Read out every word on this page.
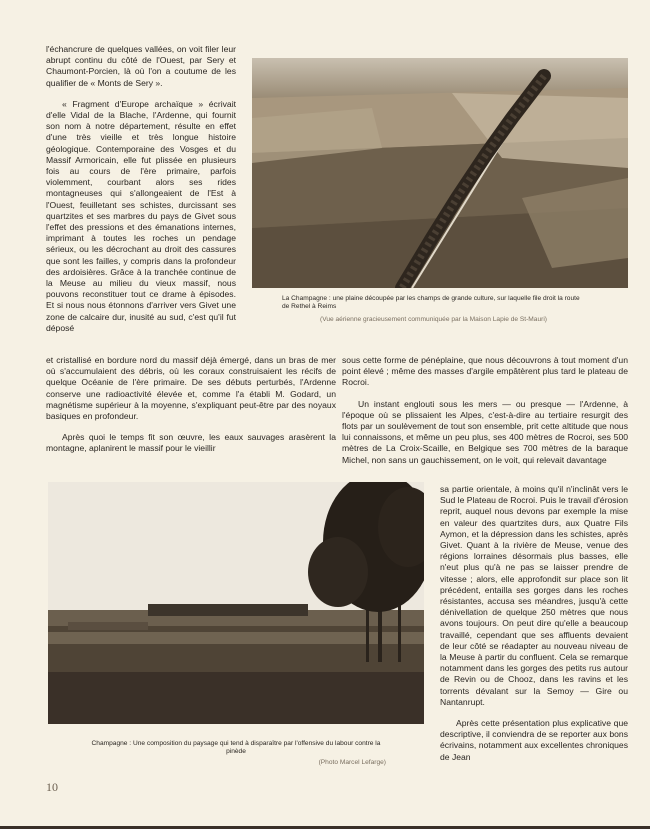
l'échancrure de quelques vallées, on voit filer leur abrupt continu du côté de l'Ouest, par Sery et Chaumont-Porcien, là où l'on a coutume de les qualifier de « Monts de Sery ».

« Fragment d'Europe archaïque » écrivait d'elle Vidal de la Blache, l'Ardenne, qui fournit son nom à notre département, résulte en effet d'une très vieille et très longue histoire géologique. Contemporaine des Vosges et du Massif Armoricain, elle fut plissée en plusieurs fois au cours de l'ère primaire, parfois violemment, courbant alors ses rides montagneuses qui s'allongeaient de l'Est à l'Ouest, feuilletant ses schistes, durcissant ses quartzites et ses marbres du pays de Givet sous l'effet des pressions et des émanations internes, imprimant à toutes les roches un pendage sérieux, ou les décrochant au droit des cassures que sont les failles, y compris dans la profondeur des ardoisières. Grâce à la tranchée continue de la Meuse au milieu du vieux massif, nous pouvons reconstituer tout ce drame à épisodes. Et si nous nous étonnons d'arriver vers Givet une zone de calcaire dur, inusité au sud, c'est qu'il fut déposé

La Champagne : une plaine découpée par les champs de grande culture, sur laquelle file droit la route de Rethel à Reims
(Vue aérienne gracieusement communiquée par la Maison Lapie de St-Mauri)

et cristallisé en bordure nord du massif déjà émergé, dans un bras de mer où s'accumulaient des débris, où les coraux construisaient les récifs de quelque Océanie de l'ère primaire. De ses débuts perturbés, l'Ardenne conserve une radioactivité élevée et, comme l'a établi M. Godard, un magnétisme supérieur à la moyenne, s'expliquant peut-être par des noyaux basiques en profondeur.

Après quoi le temps fit son œuvre, les eaux sauvages arasèrent la montagne, aplanirent le massif pour le vieillir

sous cette forme de pénéplaine, que nous découvrons à tout moment d'un point élevé ; même des masses d'argile empâtèrent plus tard le plateau de Rocroi.

Un instant englouti sous les mers — ou presque — l'Ardenne, à l'époque où se plissaient les Alpes, c'est-à-dire au tertiaire resurgit des flots par un soulèvement de tout son ensemble, prit cette altitude que nous lui connaissons, et même un peu plus, ses 400 mètres de Rocroi, ses 500 mètres de La Croix-Scaille, en Belgique ses 700 mètres de la baraque Michel, non sans un gauchissement, on le voit, qui relevait davantage

sa partie orientale, à moins qu'il n'inclinât vers le Sud le Plateau de Rocroi. Puis le travail d'érosion reprit, auquel nous devons par exemple la mise en valeur des quartzites durs, aux Quatre Fils Aymon, et la dépression dans les schistes, après Givet. Quant à la rivière de Meuse, venue des régions lorraines désormais plus basses, elle n'eut plus qu'à ne pas se laisser prendre de vitesse ; alors, elle approfondit sur place son lit précédent, entailla ses gorges dans les roches résistantes, accusa ses méandres, jusqu'à cette dénivellation de quelque 250 mètres que nous avons toujours. On peut dire qu'elle a beaucoup travaillé, cependant que ses affluents devaient de leur côté se réadapter au nouveau niveau de la Meuse à partir du confluent. Cela se remarque notamment dans les gorges des petits rus autour de Revin ou de Chooz, dans les ravins et les torrents dévalant sur la Semoy — Gire ou Nantanrupt.

Après cette présentation plus explicative que descriptive, il conviendra de se reporter aux bons écrivains, notamment aux excellentes chroniques de Jean

Champagne : Une composition du paysage qui tend à disparaître par l'offensive du labour contre la pinède
(Photo Marcel Lefarge)
10
